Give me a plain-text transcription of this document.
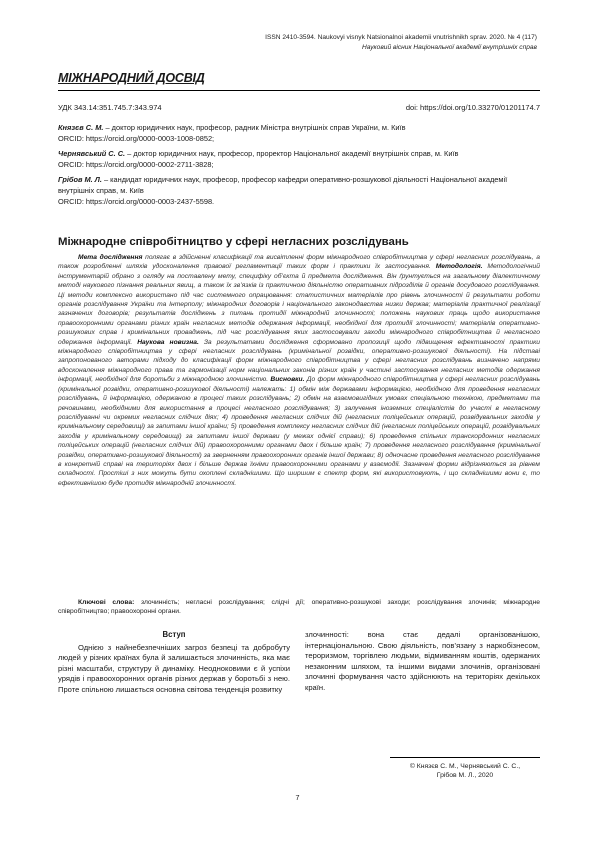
ISSN 2410-3594. Naukovyi visnyk Natsionalnoi akademii vnutrishnikh sprav. 2020. № 4 (117)
Науковий вісник Національної академії внутрішніх справ
МІЖНАРОДНИЙ ДОСВІД
УДК 343.14:351.745.7:343.974	doi: https://doi.org/10.33270/01201174.7
Князєв С. М. – доктор юридичних наук, професор, радник Міністра внутрішніх справ України, м. Київ
ORCID: https://orcid.org/0000-0003-1008-0852;
Чернявський С. С. – доктор юридичних наук, професор, проректор Національної академії внутрішніх справ, м. Київ
ORCID: https://orcid.org/0000-0002-2711-3828;
Грібов М. Л. – кандидат юридичних наук, професор, професор кафедри оперативно-розшукової діяльності Національної академії внутрішніх справ, м. Київ
ORCID: https://orcid.org/0000-0003-2437-5598.
Міжнародне співробітництво у сфері негласних розслідувань
Мета дослідження полягає в здійсненні класифікації та висвітленні форм міжнародного співробітництва у сфері негласних розслідувань, а також розробленні шляхів удосконалення правової регламентації таких форм і практики їх застосування. Методологія. Методологічний інструментарій обрано з огляду на поставлену мету, специфіку об’єкта й предмета дослідження. Він ґрунтується на загальному діалектичному методі наукового пізнання реальних явищ, а також їх зв’язків із практичною діяльністю оперативних підрозділів й органів досудового розслідування. Ці методи комплексно використано під час системного опрацювання: статистичних матеріалів про рівень злочинності й результати роботи органів розслідування України та Інтерполу; міжнародних договорів і національного законодавства низки держав; матеріалів практичної реалізації зазначених договорів; результатів досліджень з питань протидії міжнародній злочинності; положень наукових праць щодо використання правоохоронними органами різних країн негласних методів одержання інформації, необхідної для протидії злочинності; матеріалів оперативно-розшукових справ і кримінальних проваджень, під час розслідування яких застосовували заходи міжнародного співробітництва й негласного одержання інформації. Наукова новизна. За результатами дослідження сформовано пропозиції щодо підвищення ефективності практики міжнародного співробітництва у сфері негласних розслідувань (кримінальної розвідки, оперативно-розшукової діяльності). На підставі запропонованого авторами підходу до класифікації форм міжнародного співробітництва у сфері негласних розслідувань визначено напрями вдосконалення міжнародного права та гармонізації норм національних законів різних країн у частині застосування негласних методів одержання інформації, необхідної для боротьби з міжнародною злочинністю. Висновки. До форм міжнародного співробітництва у сфері негласних розслідувань (кримінальної розвідки, оперативно-розшукової діяльності) належать: 1) обмін між державами інформацією, необхідною для проведення негласних розслідувань, й інформацією, одержаною в процесі таких розслідувань; 2) обмін на взаємовигідних умовах спеціальною технікою, предметами та речовинами, необхідними для використання в процесі негласного розслідування; 3) залучення іноземних спеціалістів до участі в негласному розслідуванні чи окремих негласних слідчих діях; 4) проведення негласних слідчих дій (негласних поліцейських операцій, розвідувальних заходів у кримінальному середовищі) за запитами іншої країни; 5) проведення комплексу негласних слідчих дій (негласних поліцейських операцій, розвідувальних заходів у кримінальному середовищі) за запитами іншої держави (у межах однієї справи); 6) проведення спільних транскордонних негласних поліцейських операцій (негласних слідчих дій) правоохоронними органами двох і більше країн; 7) проведення негласного розслідування (кримінальної розвідки, оперативно-розшукової діяльності) за зверненням правоохоронних органів іншої держави; 8) одночасне проведення негласного розслідування в конкретній справі на територіях двох і більше держав їхніми правоохоронними органами у взаємодії. Зазначені форми відрізняються за рівнем складності. Простіші з них можуть бути охоплені складнішими. Що ширшим є спектр форм, які використовують, і що складнішими вони є, то ефективнішою буде протидія міжнародній злочинності.
Ключові слова: злочинність; негласні розслідування; слідчі дії; оперативно-розшукові заходи; розслідування злочинів; міжнародне співробітництво; правоохоронні органи.
Вступ

Однією з найнебезпечніших загроз безпеці та добробуту людей у різних країнах була й залишається злочинність, яка має різні масштаби, структуру й динаміку. Неодноковими є й успіхи урядів і правоохоронних органів різних держав у боротьбі з нею. Проте спільною лишається основна світова тенденція розвитку

злочинності: вона стає дедалі організованішою, інтернаціональною. Свою діяльність, пов’язану з наркобізнесом, тероризмом, торгівлею людьми, відмиванням коштів, одержаних незаконним шляхом, та іншими видами злочинів, організовані злочинні формування часто здійснюють на територіях декількох країн.

© Князєв С. М., Чернявський С. С.,
Грібов М. Л., 2020
7
